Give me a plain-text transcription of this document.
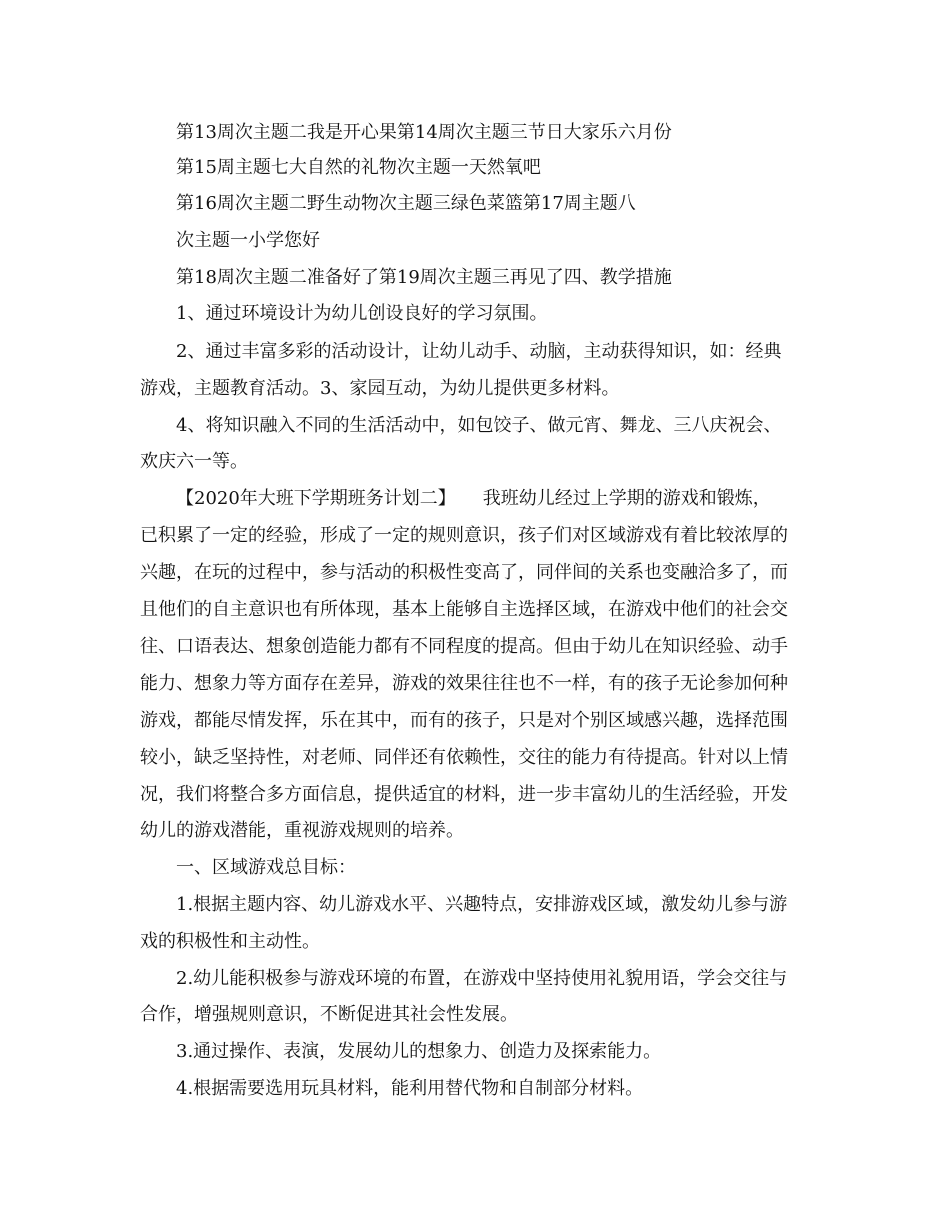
第13周次主题二我是开心果第14周次主题三节日大家乐六月份
第15周主题七大自然的礼物次主题一天然氧吧
第16周次主题二野生动物次主题三绿色菜篮第17周主题八
次主题一小学您好
第18周次主题二准备好了第19周次主题三再见了四、教学措施
1、通过环境设计为幼儿创设良好的学习氛围。
2、通过丰富多彩的活动设计，让幼儿动手、动脑，主动获得知识，如：经典
游戏，主题教育活动。3、家园互动，为幼儿提供更多材料。
4、将知识融入不同的生活活动中，如包饺子、做元宵、舞龙、三八庆祝会、
欢庆六一等。
【2020年大班下学期班务计划二】　　我班幼儿经过上学期的游戏和锻炼，
已积累了一定的经验，形成了一定的规则意识，孩子们对区域游戏有着比较浓厚的
兴趣，在玩的过程中，参与活动的积极性变高了，同伴间的关系也变融洽多了，而
且他们的自主意识也有所体现，基本上能够自主选择区域，在游戏中他们的社会交
往、口语表达、想象创造能力都有不同程度的提高。但由于幼儿在知识经验、动手
能力、想象力等方面存在差异，游戏的效果往往也不一样，有的孩子无论参加何种
游戏，都能尽情发挥，乐在其中，而有的孩子，只是对个别区域感兴趣，选择范围
较小，缺乏坚持性，对老师、同伴还有依赖性，交往的能力有待提高。针对以上情
况，我们将整合多方面信息，提供适宜的材料，进一步丰富幼儿的生活经验，开发
幼儿的游戏潜能，重视游戏规则的培养。
一、区域游戏总目标：
1.根据主题内容、幼儿游戏水平、兴趣特点，安排游戏区域，激发幼儿参与游
戏的积极性和主动性。
2.幼儿能积极参与游戏环境的布置，在游戏中坚持使用礼貌用语，学会交往与
合作，增强规则意识，不断促进其社会性发展。
3.通过操作、表演，发展幼儿的想象力、创造力及探索能力。
4.根据需要选用玩具材料，能利用替代物和自制部分材料。
